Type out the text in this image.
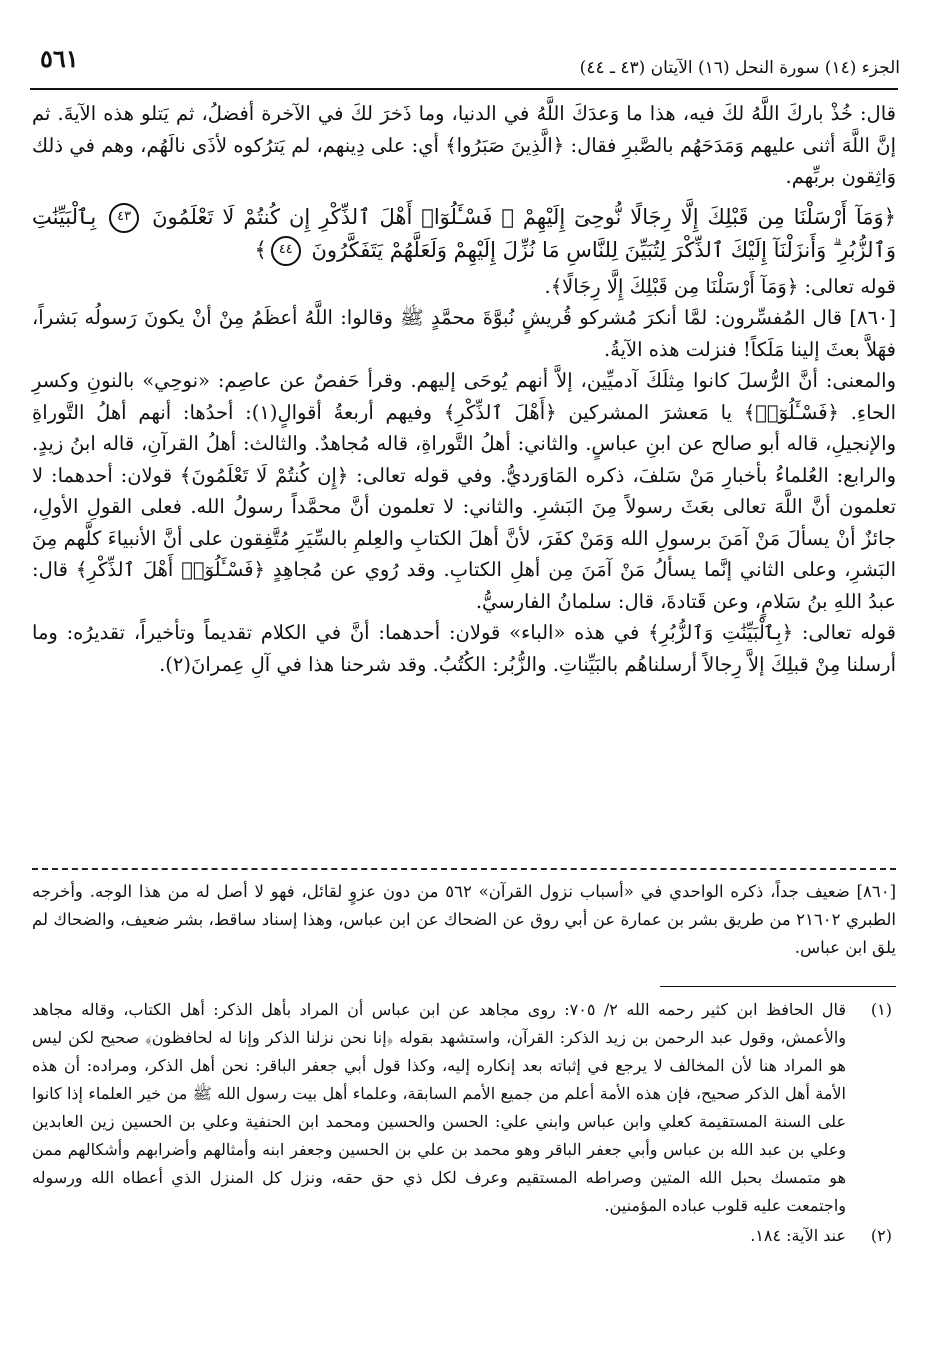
٥٦١	الجزء (١٤) سورة النحل (١٦) الآيتان (٤٣ ـ ٤٤)

قال: خُذْ باركَ اللَّهُ لكَ فيه، هذا ما وَعدَكَ اللَّهُ في الدنيا، وما ذَخرَ لكَ في الآخرة أفضلُ، ثم يَتلو هذه الآيةَ. ثم إنَّ اللَّهَ أثنى عليهم وَمَدَحَهُم بالصَّبرِ فقال: ﴿الَّذِينَ صَبَرُوا﴾ أي: على دِينهم، لم يَترُكوه لأذَى نالَهُم، وهم في ذلك وَاثِقون بربِّهم.

﴿وَمَآ أَرْسَلْنَا مِن قَبْلِكَ إِلَّا رِجَالًا نُّوحِىٓ إِلَيْهِمْ ۚ فَسْـَٔلُوٓا۟ أَهْلَ ٱلذِّكْرِ إِن كُنتُمْ لَا تَعْلَمُونَ ٤٣ بِٱلْبَيِّنَٰتِ وَٱلزُّبُرِ ۗ وَأَنزَلْنَآ إِلَيْكَ ٱلذِّكْرَ لِتُبَيِّنَ لِلنَّاسِ مَا نُزِّلَ إِلَيْهِمْ وَلَعَلَّهُمْ يَتَفَكَّرُونَ ٤٤﴾

قوله تعالى: ﴿وَمَآ أَرْسَلْنَا مِن قَبْلِكَ إِلَّا رِجَالًا﴾.

[٨٦٠] قال المُفسِّرون: لمَّا أنكرَ مُشركو قُريشٍ نُبوَّةَ محمَّدٍ ﷺ وقالوا: اللَّهُ أعظَمُ مِنْ أنْ يكونَ رَسولُه بَشراً، فهَلاَّ بعثَ إلينا مَلَكاً! فنزلت هذه الآيةُ.

والمعنى: أنَّ الرُّسلَ كانوا مِثلَكَ آدميِّين، إلاَّ أنهم يُوحَى إليهم. وقرأ حَفصٌ عن عاصِم: «نوحِي» بالنونِ وكسرِ الحاءِ. ﴿فَسْـَٔلُوٓا۟﴾ يا مَعشرَ المشركين ﴿أَهْلَ ٱلذِّكْرِ﴾ وفيهم أربعةُ أقوالٍ(١): أحدُها: أنهم أهلُ التَّوراةِ والإنجيلِ، قاله أبو صالح عن ابنِ عباسٍ. والثاني: أهلُ التَّوراةِ، قاله مُجاهدٌ. والثالث: أهلُ القرآنِ، قاله ابنُ زيدٍ. والرابع: العُلماءُ بأخبارِ مَنْ سَلفَ، ذكره المَاوَرديُّ. وفي قوله تعالى: ﴿إِن كُنتُمْ لَا تَعْلَمُونَ﴾ قولان: أحدهما: لا تعلمون أنَّ اللَّهَ تعالى بعَثَ رسولاً مِنَ البَشرِ. والثاني: لا تعلمون أنَّ محمَّداً رسولُ الله. فعلى القولِ الأولِ، جائزٌ أنْ يسألَ مَنْ آمَنَ برسولِ الله وَمَنْ كفَرَ، لأنَّ أهلَ الكتابِ والعِلمِ بالسِّيَرِ مُتَّفِقون على أنَّ الأنبياءَ كلَّهم مِنَ البَشرِ، وعلى الثاني إنَّما يسألُ مَنْ آمَنَ مِن أهلِ الكتابِ. وقد رُوي عن مُجاهِدٍ ﴿فَسْـَٔلُوٓا۟ أَهْلَ ٱلذِّكْرِ﴾ قال: عبدُ اللهِ بنُ سَلامٍ، وعن قَتادةَ، قال: سلمانُ الفارسيُّ.

قوله تعالى: ﴿بِٱلْبَيِّنَٰتِ وَٱلزُّبُرِ﴾ في هذه «الباء» قولان: أحدهما: أنَّ في الكلام تقديماً وتأخيراً، تقديرُه: وما أرسلنا مِنْ قبلِكَ إلاَّ رِجالاً أرسلناهُم بالبَيِّناتِ. والزُّبُر: الكُتُبُ. وقد شرحنا هذا في آلِ عِمرانَ(٢).

[٨٦٠] ضعيف جداً، ذكره الواحدي في «أسباب نزول القرآن» ٥٦٢ من دون عزوٍ لقائل، فهو لا أصل له من هذا الوجه. وأخرجه الطبري ٢١٦٠٢ من طريق بشر بن عمارة عن أبي روق عن الضحاك عن ابن عباس، وهذا إسناد ساقط، بشر ضعيف، والضحاك لم يلق ابن عباس.
(١)
قال الحافظ ابن كثير رحمه الله ٢/ ٧٠٥: روى مجاهد عن ابن عباس أن المراد بأهل الذكر: أهل الكتاب، وقاله مجاهد والأعمش، وقول عبد الرحمن بن زيد الذكر: القرآن، واستشهد بقوله ﴿إنا نحن نزلنا الذكر وإنا له لحافظون﴾ صحيح لكن ليس هو المراد هنا لأن المخالف لا يرجع في إثباته بعد إنكاره إليه، وكذا قول أبي جعفر الباقر: نحن أهل الذكر، ومراده: أن هذه الأمة أهل الذكر صحيح، فإن هذه الأمة أعلم من جميع الأمم السابقة، وعلماء أهل بيت رسول الله ﷺ من خير العلماء إذا كانوا على السنة المستقيمة كعلي وابن عباس وابني علي: الحسن والحسين ومحمد ابن الحنفية وعلي بن الحسين زين العابدين وعلي بن عبد الله بن عباس وأبي جعفر الباقر وهو محمد بن علي بن الحسين وجعفر ابنه وأمثالهم وأضرابهم وأشكالهم ممن هو متمسك بحبل الله المتين وصراطه المستقيم وعرف لكل ذي حق حقه، ونزل كل المنزل الذي أعطاه الله ورسوله واجتمعت عليه قلوب عباده المؤمنين.
(٢)
عند الآية: ١٨٤.
